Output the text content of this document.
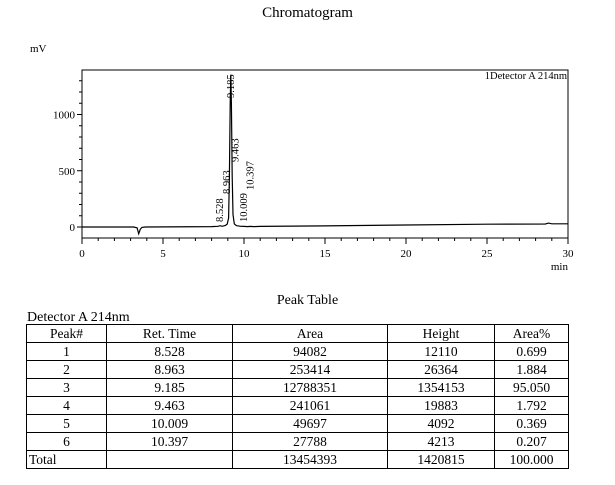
Chromatogram
0
500
1000
0	5	10	15	20	25	30
8.528
8.963
9.185
9.463
10.009
10.397
mV
min
1Detector A 214nm
Peak Table
Detector A 214nm
Peak#	Ret. Time	Area	Height	Area%
1	8.528	94082	12110	0.699
2	8.963	253414	26364	1.884
3	9.185	12788351	1354153	95.050
4	9.463	241061	19883	1.792
5	10.009	49697	4092	0.369
6	10.397	27788	4213	0.207
Total		13454393	1420815	100.000
